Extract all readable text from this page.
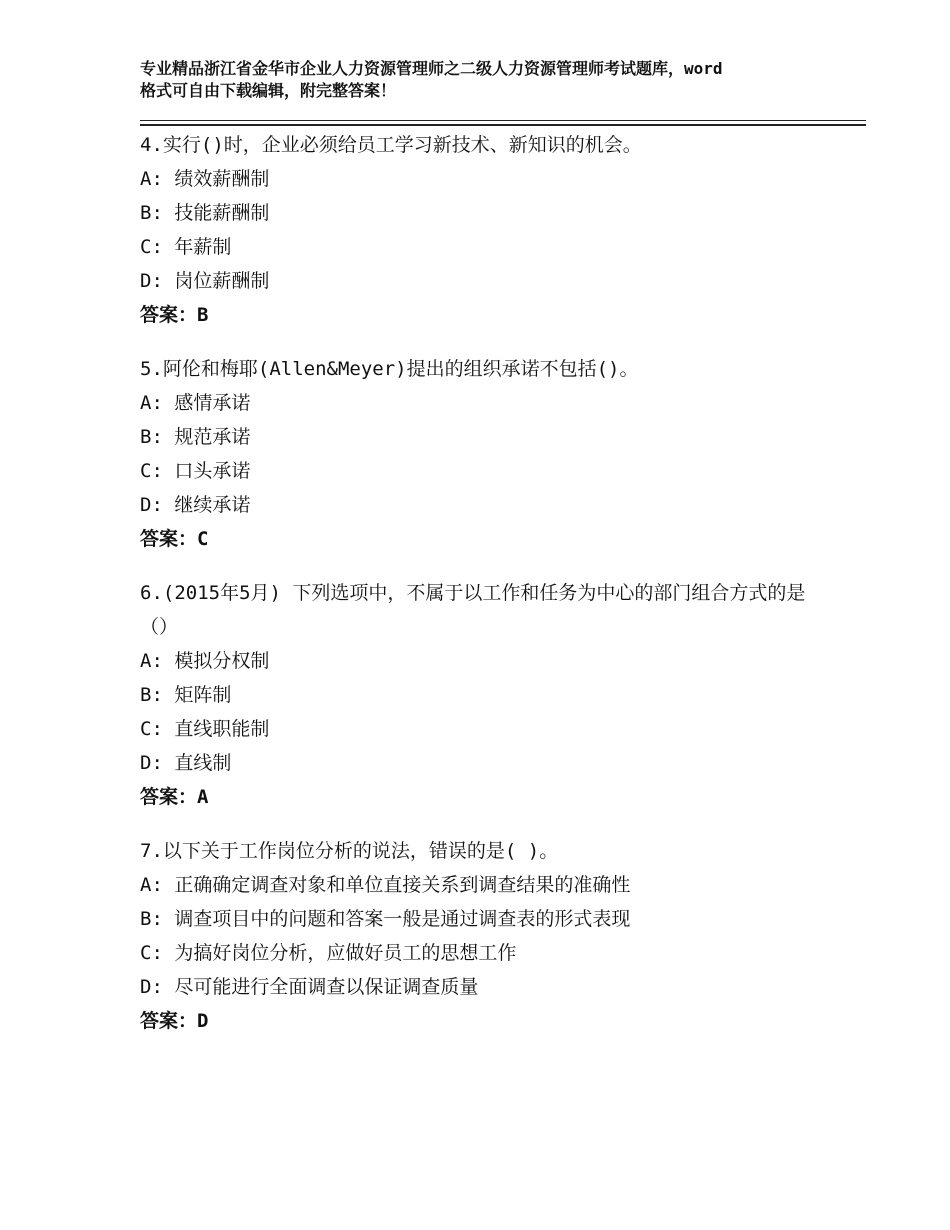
专业精品浙江省金华市企业人力资源管理师之二级人力资源管理师考试题库，word
格式可自由下载编辑，附完整答案！

4.实行()时，企业必须给员工学习新技术、新知识的机会。

A: 绩效薪酬制

B: 技能薪酬制

C: 年薪制

D: 岗位薪酬制

答案：B

5.阿伦和梅耶(Allen&Meyer)提出的组织承诺不包括()。

A: 感情承诺

B: 规范承诺

C: 口头承诺

D: 继续承诺

答案：C

6.(2015年5月) 下列选项中，不属于以工作和任务为中心的部门组合方式的是（）

A: 模拟分权制

B: 矩阵制

C: 直线职能制

D: 直线制

答案：A

7.以下关于工作岗位分析的说法，错误的是( )。

A: 正确确定调查对象和单位直接关系到调查结果的准确性

B: 调查项目中的问题和答案一般是通过调查表的形式表现

C: 为搞好岗位分析，应做好员工的思想工作

D: 尽可能进行全面调查以保证调查质量

答案：D
